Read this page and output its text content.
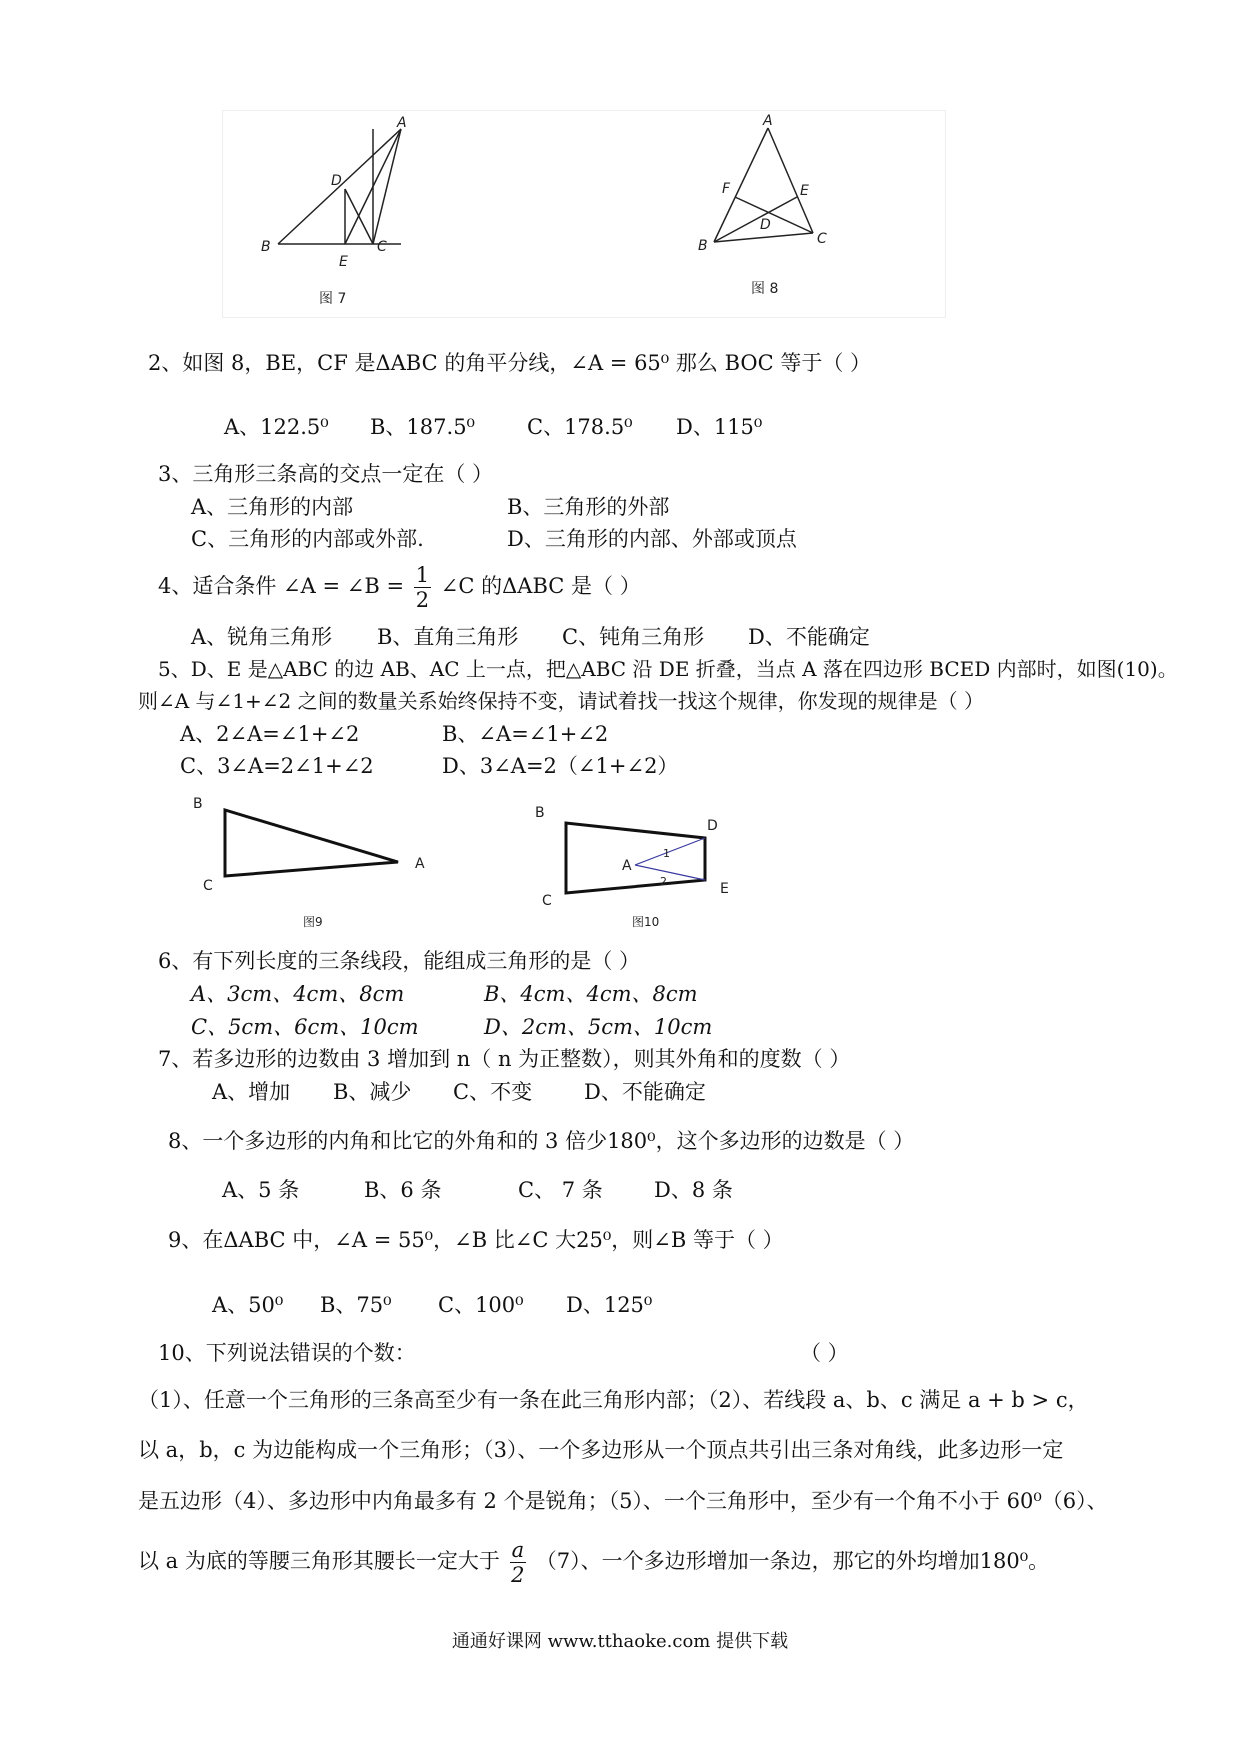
A
B	C
D
E
图 7
A
B	C
D
E
F
图 8
2、如图 8，BE，CF 是ΔABC 的角平分线，∠A = 65⁰ 那么 BOC 等于（ ）
A、122.5⁰ B、187.5⁰ C、178.5⁰ D、115⁰
3、三角形三条高的交点一定在（ ）
A、三角形的内部	B、三角形的外部
C、三角形的内部或外部.	D、三角形的内部、外部或顶点
4、适合条件 ∠A = ∠B = $\frac{1}{2}$ ∠C 的ΔABC 是（ ）
A、锐角三角形 B、直角三角形 C、钝角三角形 D、不能确定
5、D、E 是△ABC 的边 AB、AC 上一点，把△ABC 沿 DE 折叠，当点 A 落在四边形 BCED 内部时，如图(10)。
则∠A 与∠1+∠2 之间的数量关系始终保持不变，请试着找一找这个规律，你发现的规律是（ ）
A、2∠A=∠1+∠2	B、∠A=∠1+∠2
C、3∠A=2∠1+∠2	D、3∠A=2（∠1+∠2）
B
C
A
图9
B
C
D
E
A
1
2
图10
6、有下列长度的三条线段，能组成三角形的是（ ）
A、3cm、4cm、8cm	B、4cm、4cm、8cm
C、5cm、6cm、10cm	D、2cm、5cm、10cm
7、若多边形的边数由 3 增加到 n（ n 为正整数），则其外角和的度数（ ）
A、增加 B、减少 C、不变 D、不能确定
8、一个多边形的内角和比它的外角和的 3 倍少180⁰，这个多边形的边数是（ ）
A、5 条	B、6 条	C、 7 条 D、8 条
9、在ΔABC 中，∠A = 55⁰，∠B 比∠C 大25⁰，则∠B 等于（ ）
A、50⁰ B、75⁰ C、100⁰ D、125⁰
10、下列说法错误的个数：	（ ）
（1）、任意一个三角形的三条高至少有一条在此三角形内部；（2）、若线段 a、b、c 满足 a + b > c，
以 a，b，c 为边能构成一个三角形；（3）、一个多边形从一个顶点共引出三条对角线，此多边形一定
是五边形（4）、多边形中内角最多有 2 个是锐角；（5）、一个三角形中，至少有一个角不小于 60⁰（6）、
以 a 为底的等腰三角形其腰长一定大于 $\frac{a}{2} (7)$、一个多边形增加一条边，那它的外均增加180⁰。
通通好课网 www.tthaoke.com 提供下载
